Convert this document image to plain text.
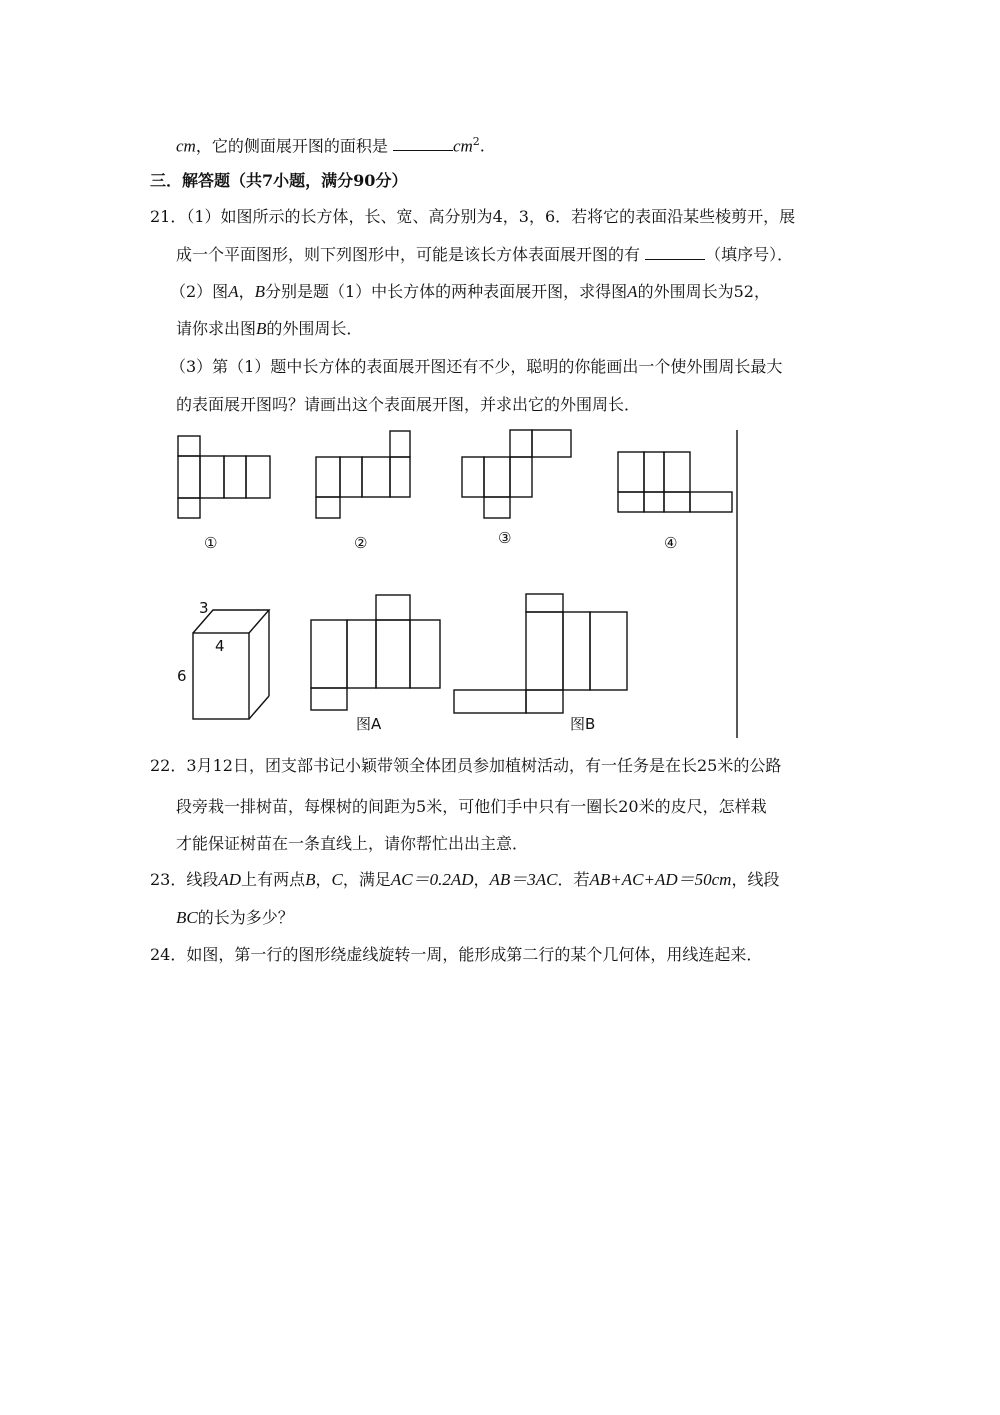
cm，它的侧面展开图的面积是	$cm^2$.
三．解答题（共7小题，满分90分）
21．（1）如图所示的长方体，长、宽、高分别为4，3，6．若将它的表面沿某些棱剪开，展
成一个平面图形，则下列图形中，可能是该长方体表面展开图的有	（填序号）．
（2）图A，B分别是题（1）中长方体的两种表面展开图，求得图A的外围周长为52，
请你求出图B的外围周长．
（3）第（1）题中长方体的表面展开图还有不少，聪明的你能画出一个使外围周长最大
的表面展开图吗？请画出这个表面展开图，并求出它的外围周长．
①	②	③	④
3
4
6
图A	图B
22．3月12日，团支部书记小颖带领全体团员参加植树活动，有一任务是在长25米的公路
段旁栽一排树苗，每棵树的间距为5米，可他们手中只有一圈长20米的皮尺，怎样栽
才能保证树苗在一条直线上，请你帮忙出出主意．
23．线段AD上有两点B，C，满足AC＝0.2AD，AB＝3AC．若AB+AC+AD＝50cm，线段
BC的长为多少？
24．如图，第一行的图形绕虚线旋转一周，能形成第二行的某个几何体，用线连起来．
